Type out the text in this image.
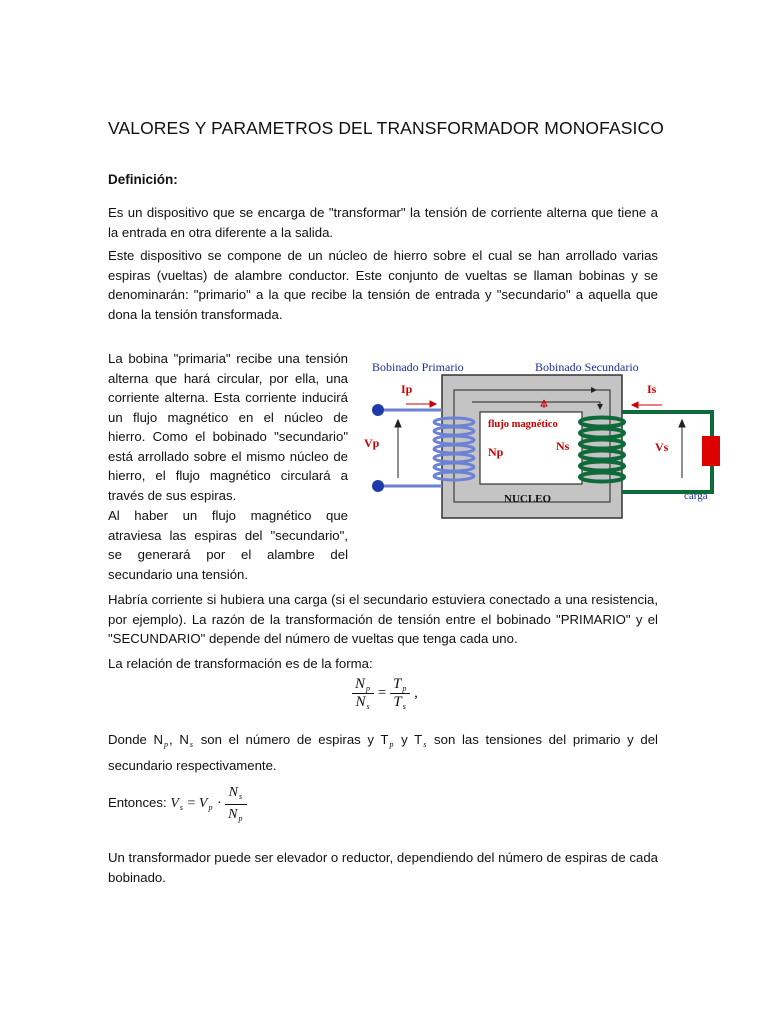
VALORES Y PARAMETROS DEL TRANSFORMADOR MONOFASICO
Definición:

Es un dispositivo que se encarga de "transformar" la tensión de corriente alterna que tiene a la entrada en otra diferente a la salida.

Este dispositivo se compone de un núcleo de hierro sobre el cual se han arrollado varias espiras (vueltas) de alambre conductor. Este conjunto de vueltas se llaman bobinas y se denominarán: "primario" a la que recibe la tensión de entrada y "secundario" a aquella que dona la tensión transformada.

La bobina "primaria" recibe una tensión alterna que hará circular, por ella, una corriente alterna. Esta corriente inducirá un flujo magnético en el núcleo de hierro. Como el bobinado "secundario" está arrollado sobre el mismo núcleo de hierro, el flujo magnético circulará a través de sus espiras.

Al haber un flujo magnético que atraviesa las espiras del "secundario", se generará por el alambre del secundario una tensión.

Bobinado Primario	Bobinado Secundario
Ip	Is
flujo magnético
Vp
Np	Ns	Vs
NUCLEO	carga

Habría corriente si hubiera una carga (si el secundario estuviera conectado a una resistencia, por ejemplo). La razón de la transformación de tensión entre el bobinado "PRIMARIO" y el "SECUNDARIO" depende del número de vueltas que tenga cada uno.

La relación de transformación es de la forma:

$\frac{N_p}{N_s} = \frac{T_p}{T_s}$ ,

Donde $N_p$, $N_s$ son el número de espiras y $T_p$ y $T_s$ son las tensiones del primario y del secundario respectivamente.

Entonces: $V_s = V_p \cdot \frac{N_s}{N_p}$

Un transformador puede ser elevador o reductor, dependiendo del número de espiras de cada bobinado.
